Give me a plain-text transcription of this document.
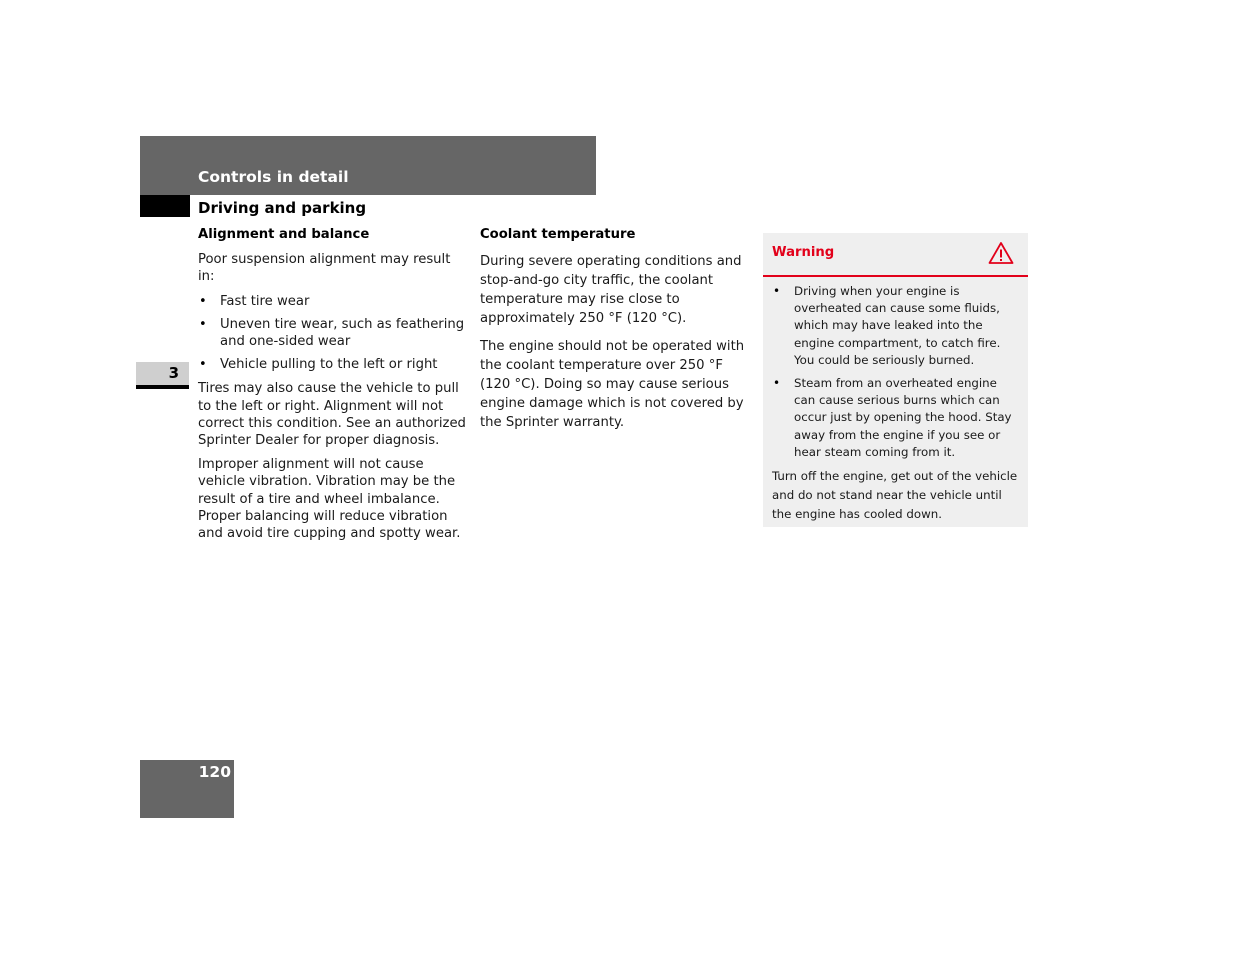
Controls in detail
Driving and parking
3
Alignment and balance

Poor suspension alignment may result in:

• Fast tire wear
• Uneven tire wear, such as feathering and one-sided wear
• Vehicle pulling to the left or right

Tires may also cause the vehicle to pull to the left or right. Alignment will not correct this condition. See an authorized Sprinter Dealer for proper diagnosis.

Improper alignment will not cause vehicle vibration. Vibration may be the result of a tire and wheel imbalance. Proper balancing will reduce vibration and avoid tire cupping and spotty wear.

Coolant temperature

During severe operating conditions and stop-and-go city traffic, the coolant temperature may rise close to approximately 250 °F (120 °C).

The engine should not be operated with the coolant temperature over 250 °F (120 °C). Doing so may cause serious engine damage which is not covered by the Sprinter warranty.

Warning
• Driving when your engine is overheated can cause some fluids, which may have leaked into the engine compartment, to catch fire. You could be seriously burned.
• Steam from an overheated engine can cause serious burns which can occur just by opening the hood. Stay away from the engine if you see or hear steam coming from it.

Turn off the engine, get out of the vehicle and do not stand near the vehicle until the engine has cooled down.

120
